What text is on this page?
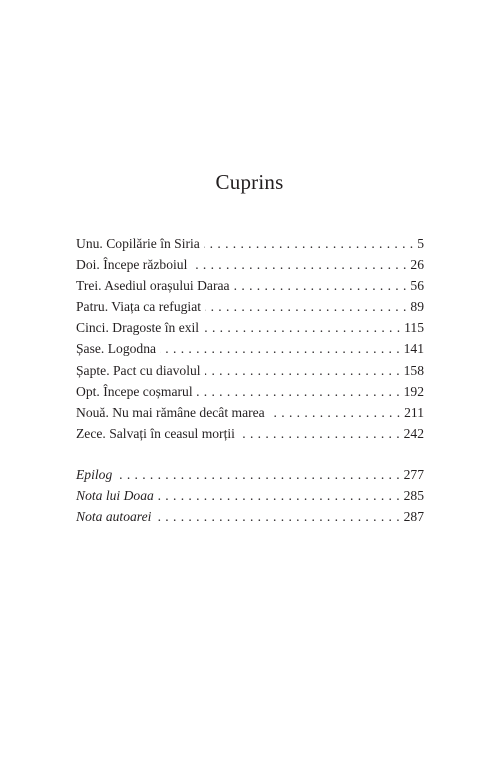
Cuprins
Unu. Copilărie în Siria . . .	5
Doi. Începe războiul . . .	26
Trei. Asediul orașului Daraa . . .	56
Patru. Viața ca refugiat . . .	89
Cinci. Dragoste în exil . . .	115
Șase. Logodna . . .	141
Șapte. Pact cu diavolul . . .	158
Opt. Începe coșmarul . . .	192
Nouă. Nu mai rămâne decât marea . . .	211
Zece. Salvați în ceasul morții . . .	242
Epilog . . .	277
Nota lui Doaa . . .	285
Nota autoarei . . .	287
